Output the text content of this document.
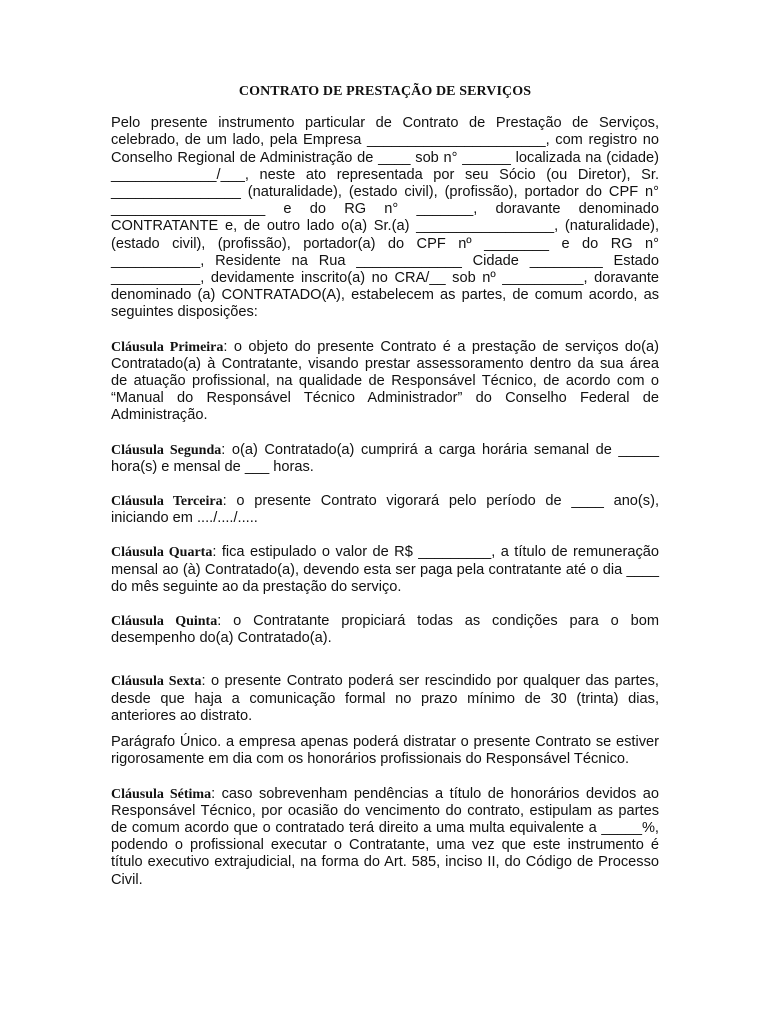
CONTRATO DE PRESTAÇÃO DE SERVIÇOS

Pelo presente instrumento particular de Contrato de Prestação de Serviços, celebrado, de um lado, pela Empresa ______________________, com registro no Conselho Regional de Administração de ____ sob n° ______ localizada na (cidade) _____________/___, neste ato representada por seu Sócio (ou Diretor), Sr. ________________ (naturalidade), (estado civil), (profissão), portador do CPF n° ___________________ e do RG n° _______, doravante denominado CONTRATANTE e, de outro lado o(a) Sr.(a) _________________, (naturalidade), (estado civil), (profissão), portador(a) do CPF nº ________ e do RG n° ___________, Residente na Rua _____________ Cidade _________ Estado ___________, devidamente inscrito(a) no CRA/__ sob nº __________, doravante denominado (a) CONTRATADO(A), estabelecem as partes, de comum acordo, as seguintes disposições:

Cláusula Primeira: o objeto do presente Contrato é a prestação de serviços do(a) Contratado(a) à Contratante, visando prestar assessoramento dentro da sua área de atuação profissional, na qualidade de Responsável Técnico, de acordo com o “Manual do Responsável Técnico Administrador” do Conselho Federal de Administração.

Cláusula Segunda: o(a) Contratado(a) cumprirá a carga horária semanal de _____ hora(s) e mensal de ___ horas.

Cláusula Terceira: o presente Contrato vigorará pelo período de ____ ano(s), iniciando em ..../..../.....

Cláusula Quarta: fica estipulado o valor de R$ _________, a título de remuneração mensal ao (à) Contratado(a), devendo esta ser paga pela contratante até o dia ____ do mês seguinte ao da prestação do serviço.

Cláusula Quinta: o Contratante propiciará todas as condições para o bom desempenho do(a) Contratado(a).

Cláusula Sexta: o presente Contrato poderá ser rescindido por qualquer das partes, desde que haja a comunicação formal no prazo mínimo de 30 (trinta) dias, anteriores ao distrato.

Parágrafo Único. a empresa apenas poderá distratar o presente Contrato se estiver rigorosamente em dia com os honorários profissionais do Responsável Técnico.

Cláusula Sétima: caso sobrevenham pendências a título de honorários devidos ao Responsável Técnico, por ocasião do vencimento do contrato, estipulam as partes de comum acordo que o contratado terá direito a uma multa equivalente a _____%, podendo o profissional executar o Contratante, uma vez que este instrumento é título executivo extrajudicial, na forma do Art. 585, inciso II, do Código de Processo Civil.
